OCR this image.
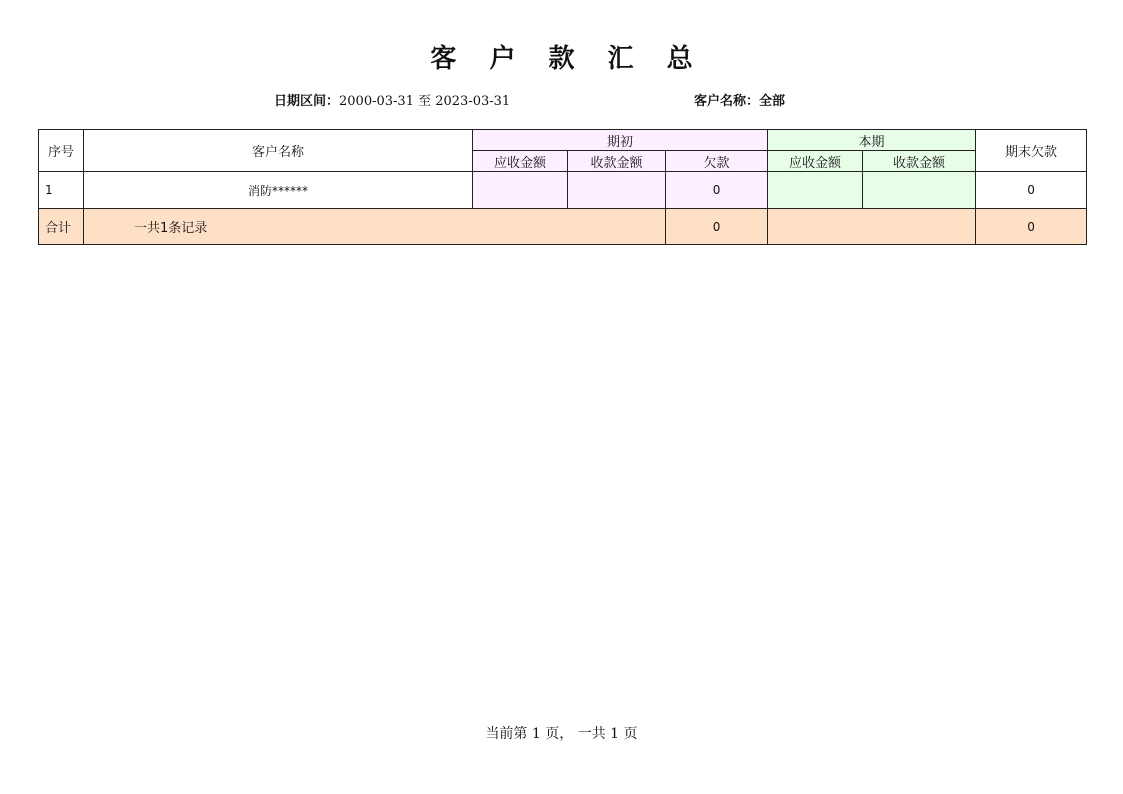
客 户 款 汇 总
日期区间：2000-03-31 至 2023-03-31	客户名称：全部
序号	客户名称	期初			本期		期末欠款
		应收金额	收款金额	欠款	应收金额	收款金额	
1	消防******			0			0
合计	一共1条记录			0			0
当前第 1 页， 一共 1 页
